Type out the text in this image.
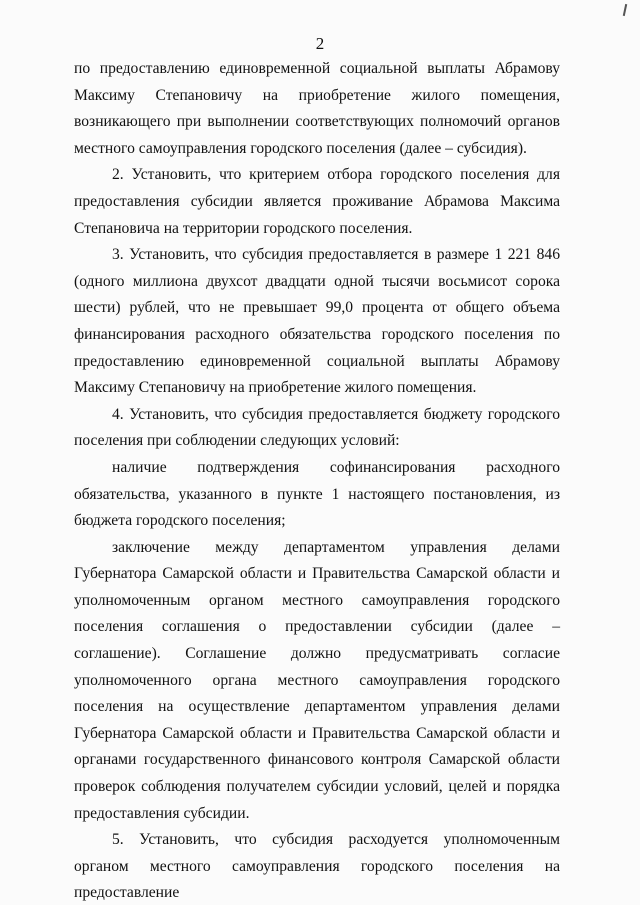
2

по предоставлению единовременной социальной выплаты Абрамову Максиму Степановичу на приобретение жилого помещения, возникающего при выполнении соответствующих полномочий органов местного самоуправления городского поселения (далее – субсидия).

2. Установить, что критерием отбора городского поселения для предоставления субсидии является проживание Абрамова Максима Степановича на территории городского поселения.

3. Установить, что субсидия предоставляется в размере 1 221 846 (одного миллиона двухсот двадцати одной тысячи восьмисот сорока шести) рублей, что не превышает 99,0 процента от общего объема финансирования расходного обязательства городского поселения по предоставлению единовременной социальной выплаты Абрамову Максиму Степановичу на приобретение жилого помещения.

4. Установить, что субсидия предоставляется бюджету городского поселения при соблюдении следующих условий:

наличие подтверждения софинансирования расходного обязательства, указанного в пункте 1 настоящего постановления, из бюджета городского поселения;

заключение между департаментом управления делами Губернатора Самарской области и Правительства Самарской области и уполномоченным органом местного самоуправления городского поселения соглашения о предоставлении субсидии (далее – соглашение). Соглашение должно предусматривать согласие уполномоченного органа местного самоуправления городского поселения на осуществление департаментом управления делами Губернатора Самарской области и Правительства Самарской области и органами государственного финансового контроля Самарской области проверок соблюдения получателем субсидии условий, целей и порядка предоставления субсидии.

5. Установить, что субсидия расходуется уполномоченным органом местного самоуправления городского поселения на предоставление
